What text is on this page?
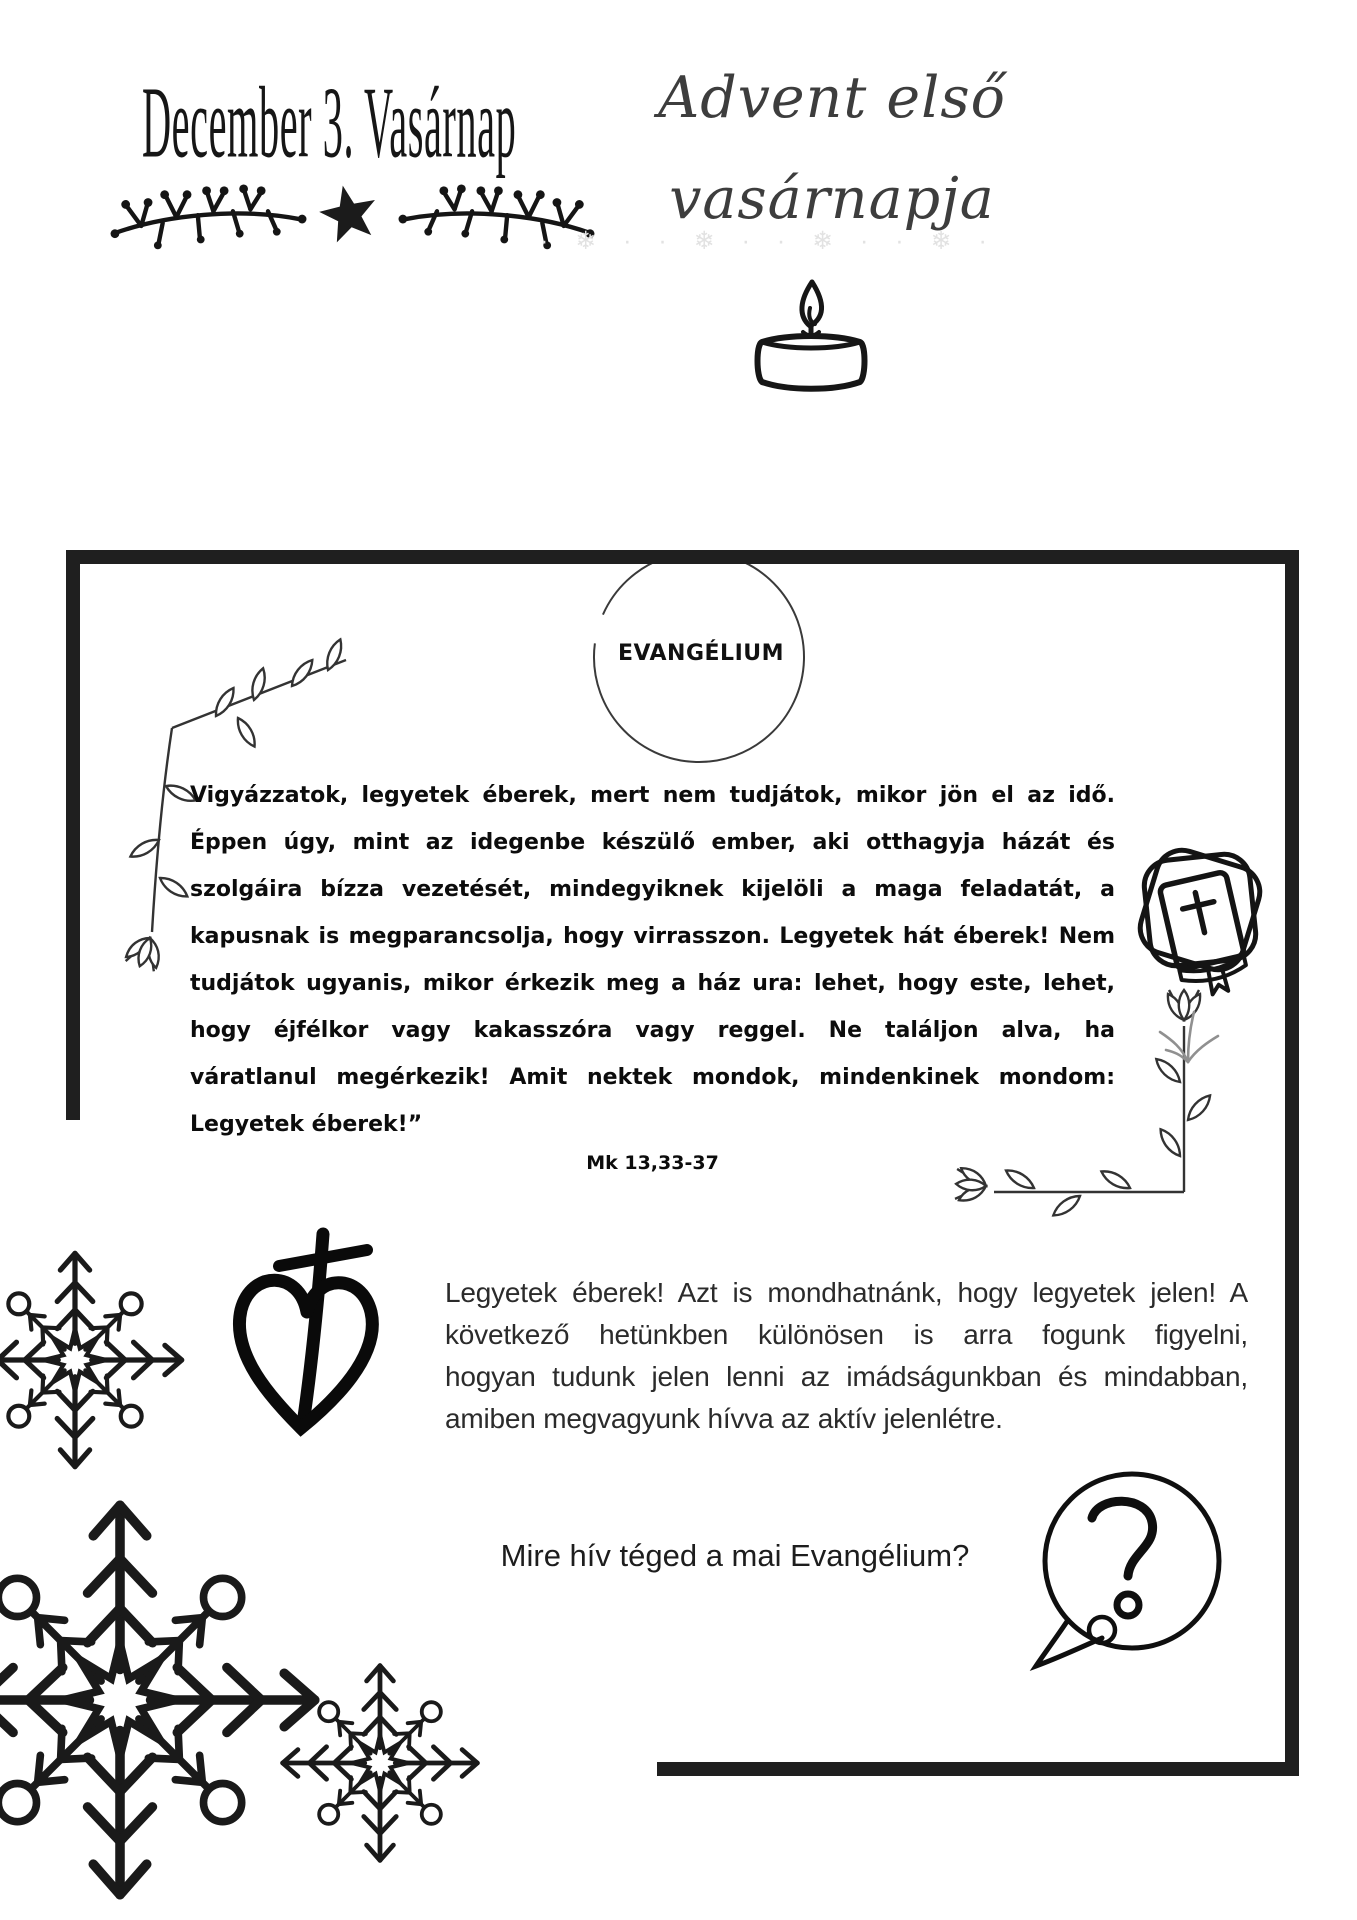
December 3. Vasárnap	Advent első
vasárnapja
· ❄ · · ❄ · · ❄ · · ❄ ·
EVANGÉLIUM
Vigyázzatok, legyetek éberek, mert nem tudjátok, mikor jön el az idő.
Éppen úgy, mint az idegenbe készülő ember, aki otthagyja házát és
szolgáira bízza vezetését, mindegyiknek kijelöli a maga feladatát, a
kapusnak is megparancsolja, hogy virrasszon. Legyetek hát éberek! Nem
tudjátok ugyanis, mikor érkezik meg a ház ura: lehet, hogy este, lehet,
hogy éjfélkor vagy kakasszóra vagy reggel. Ne találjon alva, ha
váratlanul megérkezik! Amit nektek mondok, mindenkinek mondom:
Legyetek éberek!”
Mk 13,33-37
Legyetek éberek! Azt is mondhatnánk, hogy legyetek jelen! A
következő hetünkben különösen is arra fogunk figyelni,
hogyan tudunk jelen lenni az imádságunkban és mindabban,
amiben megvagyunk hívva az aktív jelenlétre.
Mire hív téged a mai Evangélium?
